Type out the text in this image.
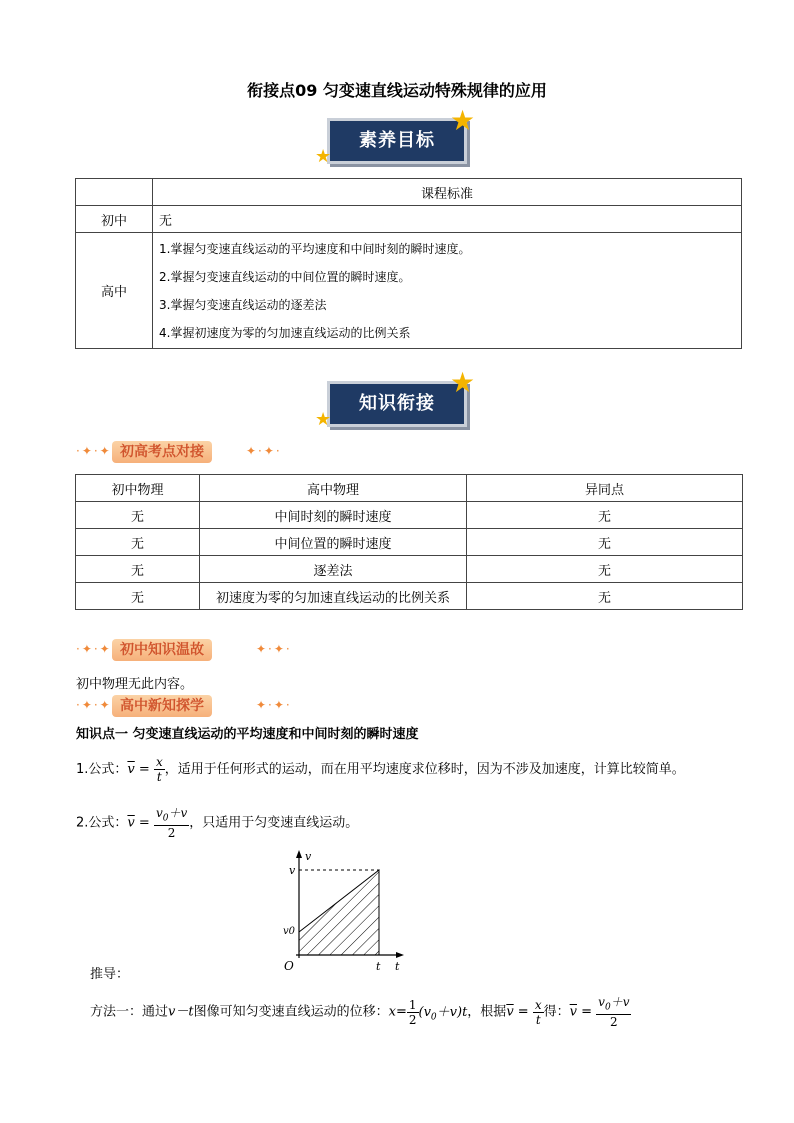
衔接点09 匀变速直线运动特殊规律的应用
素养目标
★
★
	课程标准
初中	无
高中	1.掌握匀变速直线运动的平均速度和中间时刻的瞬时速度。
2.掌握匀变速直线运动的中间位置的瞬时速度。
3.掌握匀变速直线运动的逐差法
4.掌握初速度为零的匀加速直线运动的比例关系
知识衔接
★
★
·✦·✦ 初高考点对接	✦·✦·
初中物理	高中物理	异同点
无	中间时刻的瞬时速度	无
无	中间位置的瞬时速度	无
无	逐差法	无
无	初速度为零的匀加速直线运动的比例关系	无
·✦·✦ 初中知识温故	✦·✦·
初中物理无此内容。
·✦·✦ 高中新知探学	✦·✦·
知识点一 匀变速直线运动的平均速度和中间时刻的瞬时速度
1.公式：$\overline{v} = \frac{x}{t}$ ，适用于任何形式的运动，而在用平均速度求位移时，因为不涉及加速度，计算比较简单。
2.公式：$\overline{v} = \frac{v_0+v}{2}$ ，只适用于匀变速直线运动。
v
v
v0
O	t t
推导：
方法一：通过v－t图像可知匀变速直线运动的位移：$x= \frac{1}{2} (v_0+v)t$，根据$\overline{v} = \frac{x}{t}$ 得：$\overline{v} = \frac{v_0+v}{2}$
